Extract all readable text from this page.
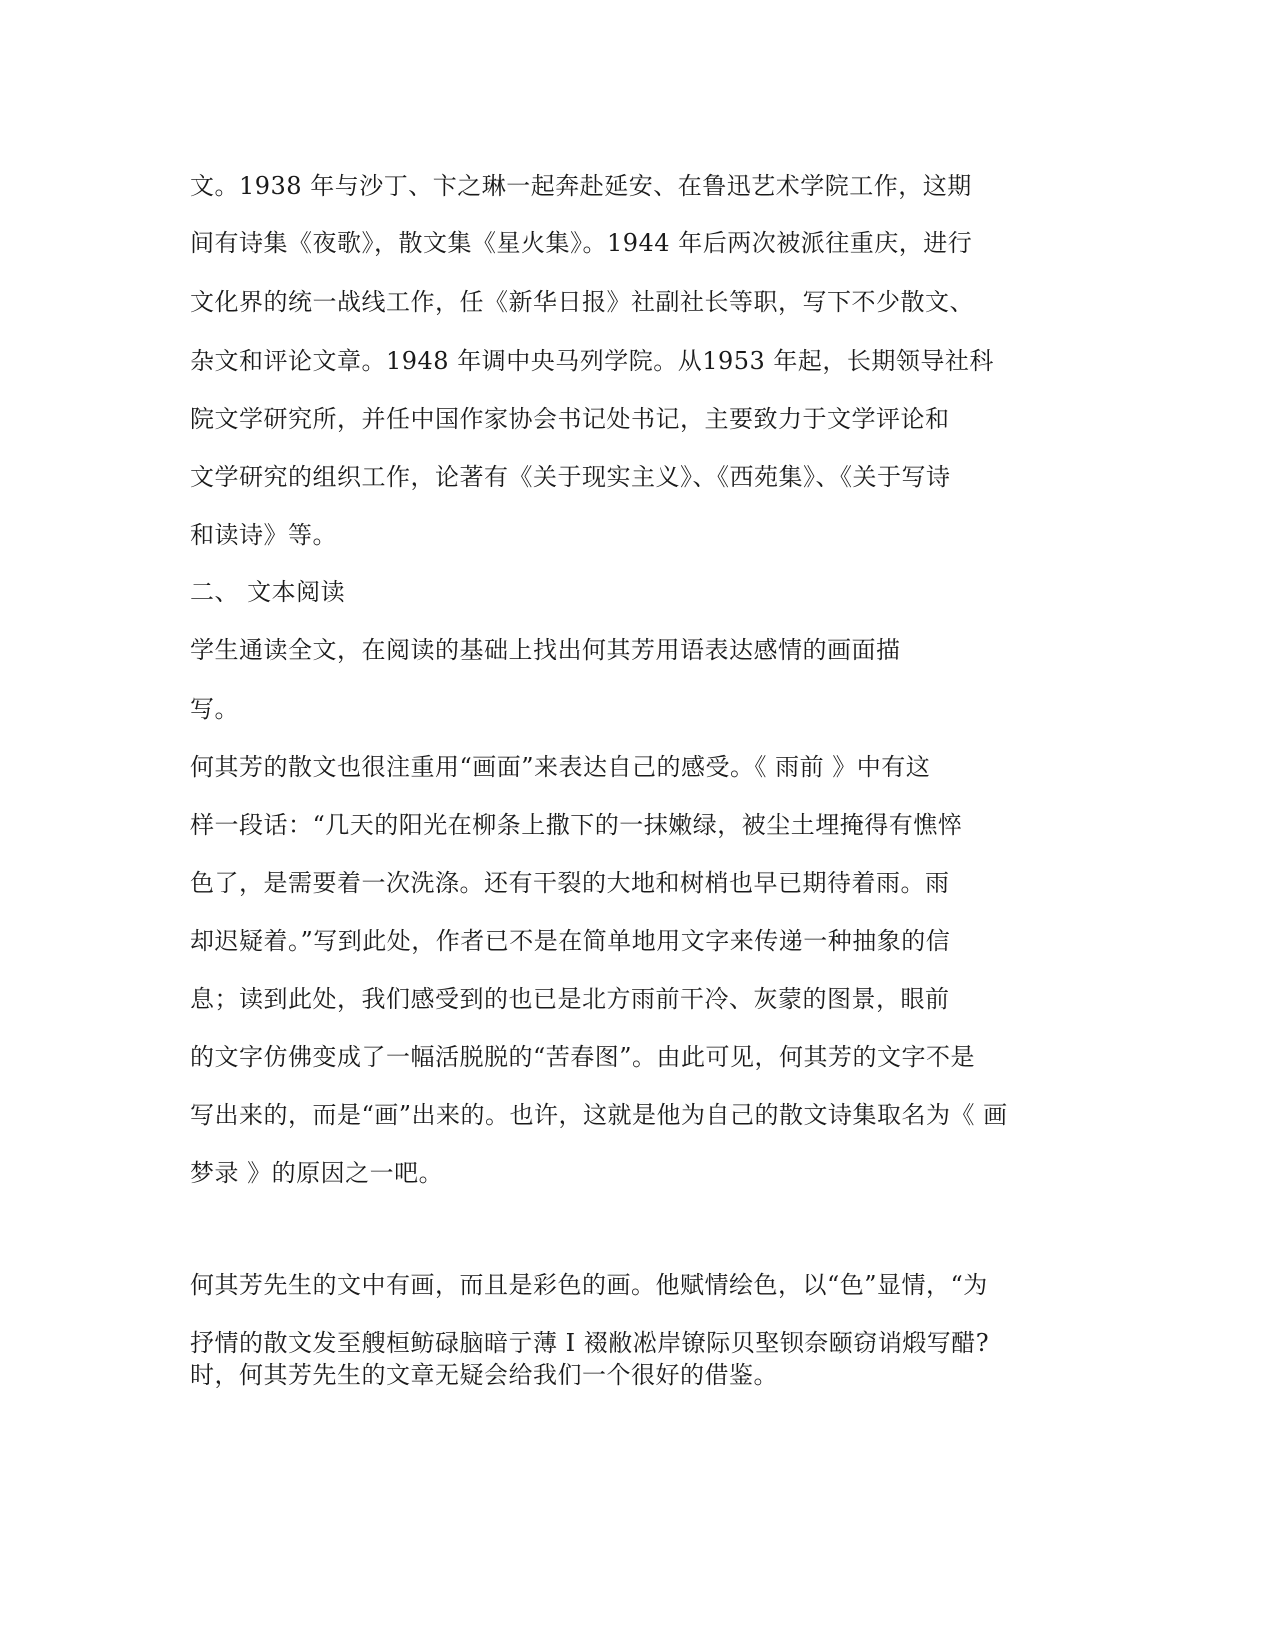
文。1938 年与沙丁、卞之琳一起奔赴延安、在鲁迅艺术学院工作，这期
间有诗集《夜歌》，散文集《星火集》。1944 年后两次被派往重庆，进行
文化界的统一战线工作，任《新华日报》社副社长等职，写下不少散文、
杂文和评论文章。1948 年调中央马列学院。从1953 年起，长期领导社科
院文学研究所，并任中国作家协会书记处书记，主要致力于文学评论和
文学研究的组织工作，论著有《关于现实主义》、《西苑集》、《关于写诗
和读诗》等。
二、 文本阅读
学生通读全文，在阅读的基础上找出何其芳用语表达感情的画面描
写。
何其芳的散文也很注重用“画面”来表达自己的感受。《 雨前 》中有这
样一段话：“几天的阳光在柳条上撒下的一抹嫩绿，被尘土埋掩得有憔悴
色了，是需要着一次洗涤。还有干裂的大地和树梢也早已期待着雨。雨
却迟疑着。”写到此处，作者已不是在简单地用文字来传递一种抽象的信
息；读到此处，我们感受到的也已是北方雨前干冷、灰蒙的图景，眼前
的文字仿佛变成了一幅活脱脱的“苦春图”。由此可见，何其芳的文字不是
写出来的，而是“画”出来的。也许，这就是他为自己的散文诗集取名为《 画
梦录 》的原因之一吧。
何其芳先生的文中有画，而且是彩色的画。他赋情绘色，以“色”显情，“为
抒情的散文发至艘桓鲂碌脑暗亍薄 I 裰敝凇岸镣际贝埾钡奈颐窃诮煅写醋?
时，何其芳先生的文章无疑会给我们一个很好的借鉴。
